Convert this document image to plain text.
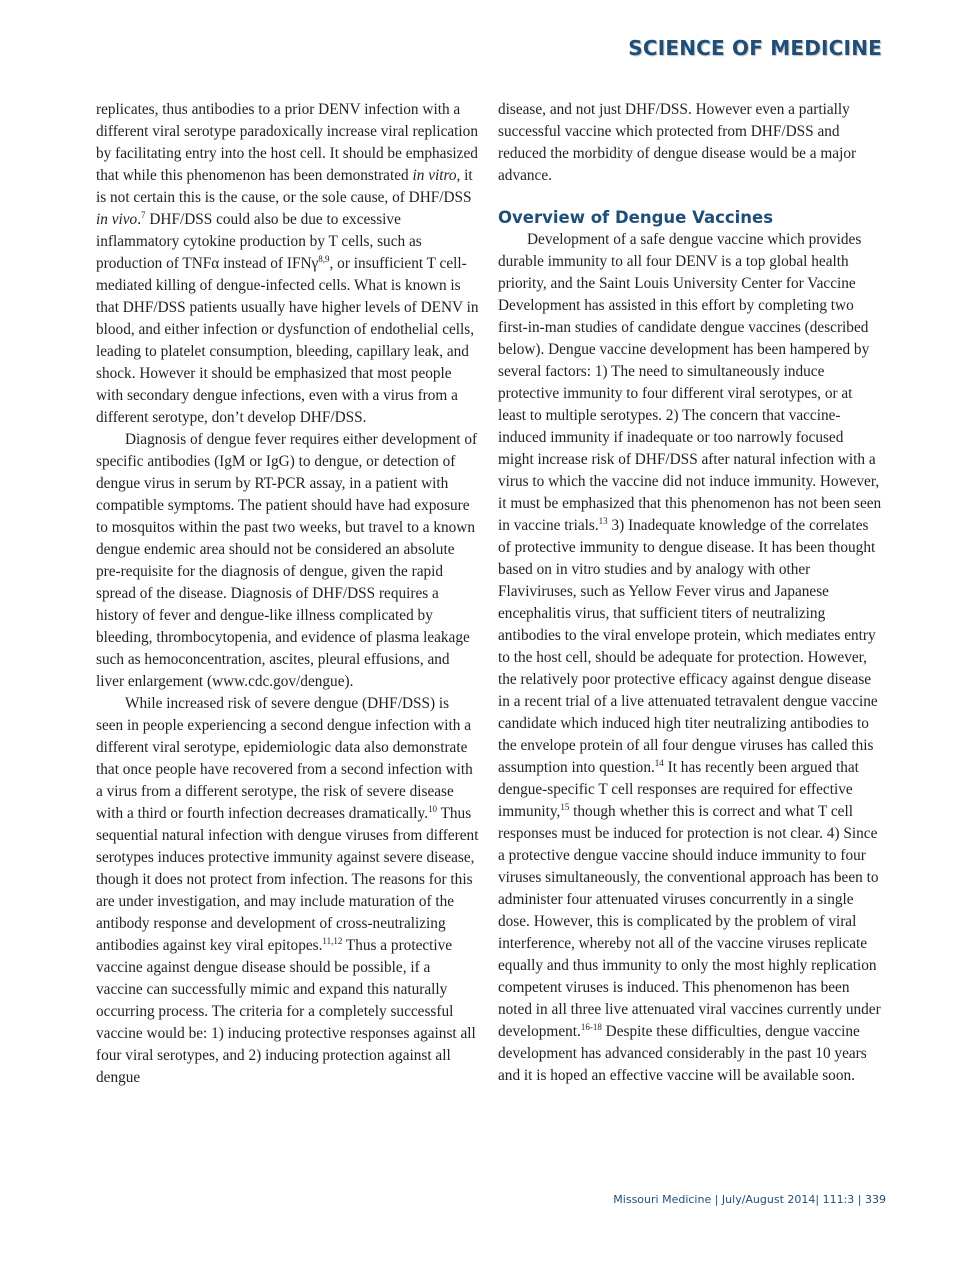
SCIENCE OF MEDICINE

replicates, thus antibodies to a prior DENV infection with a different viral serotype paradoxically increase viral replication by facilitating entry into the host cell. It should be emphasized that while this phenomenon has been demonstrated in vitro, it is not certain this is the cause, or the sole cause, of DHF/DSS in vivo.$^7$ DHF/DSS could also be due to excessive inflammatory cytokine production by T cells, such as production of TNFα instead of IFNγ$^{8,9}$, or insufficient T cell-mediated killing of dengue-infected cells. What is known is that DHF/DSS patients usually have higher levels of DENV in blood, and either infection or dysfunction of endothelial cells, leading to platelet consumption, bleeding, capillary leak, and shock. However it should be emphasized that most people with secondary dengue infections, even with a virus from a different serotype, don’t develop DHF/DSS.

Diagnosis of dengue fever requires either development of specific antibodies (IgM or IgG) to dengue, or detection of dengue virus in serum by RT-PCR assay, in a patient with compatible symptoms. The patient should have had exposure to mosquitos within the past two weeks, but travel to a known dengue endemic area should not be considered an absolute pre-requisite for the diagnosis of dengue, given the rapid spread of the disease. Diagnosis of DHF/DSS requires a history of fever and dengue-like illness complicated by bleeding, thrombocytopenia, and evidence of plasma leakage such as hemoconcentration, ascites, pleural effusions, and liver enlargement (www.cdc.gov/dengue).

While increased risk of severe dengue (DHF/DSS) is seen in people experiencing a second dengue infection with a different viral serotype, epidemiologic data also demonstrate that once people have recovered from a second infection with a virus from a different serotype, the risk of severe disease with a third or fourth infection decreases dramatically.$^{10}$ Thus sequential natural infection with dengue viruses from different serotypes induces protective immunity against severe disease, though it does not protect from infection. The reasons for this are under investigation, and may include maturation of the antibody response and development of cross-neutralizing antibodies against key viral epitopes.$^{11,12}$ Thus a protective vaccine against dengue disease should be possible, if a vaccine can successfully mimic and expand this naturally occurring process. The criteria for a completely successful vaccine would be: 1) inducing protective responses against all four viral serotypes, and 2) inducing protection against all dengue

disease, and not just DHF/DSS. However even a partially successful vaccine which protected from DHF/DSS and reduced the morbidity of dengue disease would be a major advance.

Overview of Dengue Vaccines

Development of a safe dengue vaccine which provides durable immunity to all four DENV is a top global health priority, and the Saint Louis University Center for Vaccine Development has assisted in this effort by completing two first-in-man studies of candidate dengue vaccines (described below). Dengue vaccine development has been hampered by several factors: 1) The need to simultaneously induce protective immunity to four different viral serotypes, or at least to multiple serotypes. 2) The concern that vaccine-induced immunity if inadequate or too narrowly focused might increase risk of DHF/DSS after natural infection with a virus to which the vaccine did not induce immunity. However, it must be emphasized that this phenomenon has not been seen in vaccine trials.$^{13}$ 3) Inadequate knowledge of the correlates of protective immunity to dengue disease. It has been thought based on in vitro studies and by analogy with other Flaviviruses, such as Yellow Fever virus and Japanese encephalitis virus, that sufficient titers of neutralizing antibodies to the viral envelope protein, which mediates entry to the host cell, should be adequate for protection. However, the relatively poor protective efficacy against dengue disease in a recent trial of a live attenuated tetravalent dengue vaccine candidate which induced high titer neutralizing antibodies to the envelope protein of all four dengue viruses has called this assumption into question.$^{14}$ It has recently been argued that dengue-specific T cell responses are required for effective immunity,$^{15}$ though whether this is correct and what T cell responses must be induced for protection is not clear. 4) Since a protective dengue vaccine should induce immunity to four viruses simultaneously, the conventional approach has been to administer four attenuated viruses concurrently in a single dose. However, this is complicated by the problem of viral interference, whereby not all of the vaccine viruses replicate equally and thus immunity to only the most highly replication competent viruses is induced. This phenomenon has been noted in all three live attenuated viral vaccines currently under development.$^{16-18}$ Despite these difficulties, dengue vaccine development has advanced considerably in the past 10 years and it is hoped an effective vaccine will be available soon.

Missouri Medicine | July/August 2014| 111:3 | 339
